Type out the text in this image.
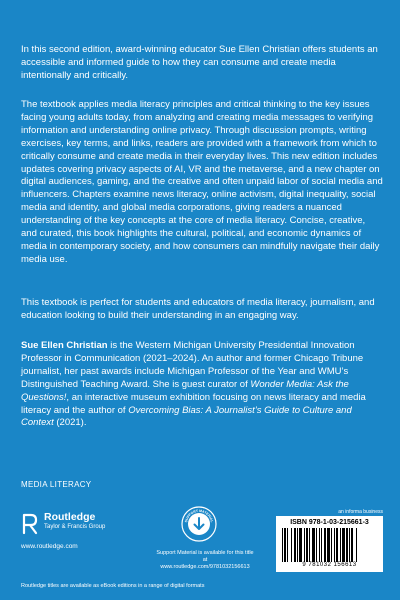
In this second edition, award-winning educator Sue Ellen Christian offers students an accessible and informed guide to how they can consume and create media intentionally and critically.

The textbook applies media literacy principles and critical thinking to the key issues facing young adults today, from analyzing and creating media messages to verifying information and understanding online privacy. Through discussion prompts, writing exercises, key terms, and links, readers are provided with a framework from which to critically consume and create media in their everyday lives. This new edition includes updates covering privacy aspects of AI, VR and the metaverse, and a new chapter on digital audiences, gaming, and the creative and often unpaid labor of social media and influencers. Chapters examine news literacy, online activism, digital inequality, social media and identity, and global media corporations, giving readers a nuanced understanding of the key concepts at the core of media literacy. Concise, creative, and curated, this book highlights the cultural, political, and economic dynamics of media in contemporary society, and how consumers can mindfully navigate their daily media use.

This textbook is perfect for students and educators of media literacy, journalism, and education looking to build their understanding in an engaging way.

Sue Ellen Christian is the Western Michigan University Presidential Innovation Professor in Communication (2021–2024). An author and former Chicago Tribune journalist, her past awards include Michigan Professor of the Year and WMU’s Distinguished Teaching Award. She is guest curator of Wonder Media: Ask the Questions!, an interactive museum exhibition focusing on news literacy and media literacy and the author of Overcoming Bias: A Journalist’s Guide to Culture and Context (2021).

MEDIA LITERACY
Routledge
Taylor & Francis Group
www.routledge.com
SUPPORT MATERIAL
Support Material is available for this title at
www.routledge.com/9781032156613
an informa business
ISBN 978-1-03-215661-3
9 781032 156613
Routledge titles are available as eBook editions in a range of digital formats
